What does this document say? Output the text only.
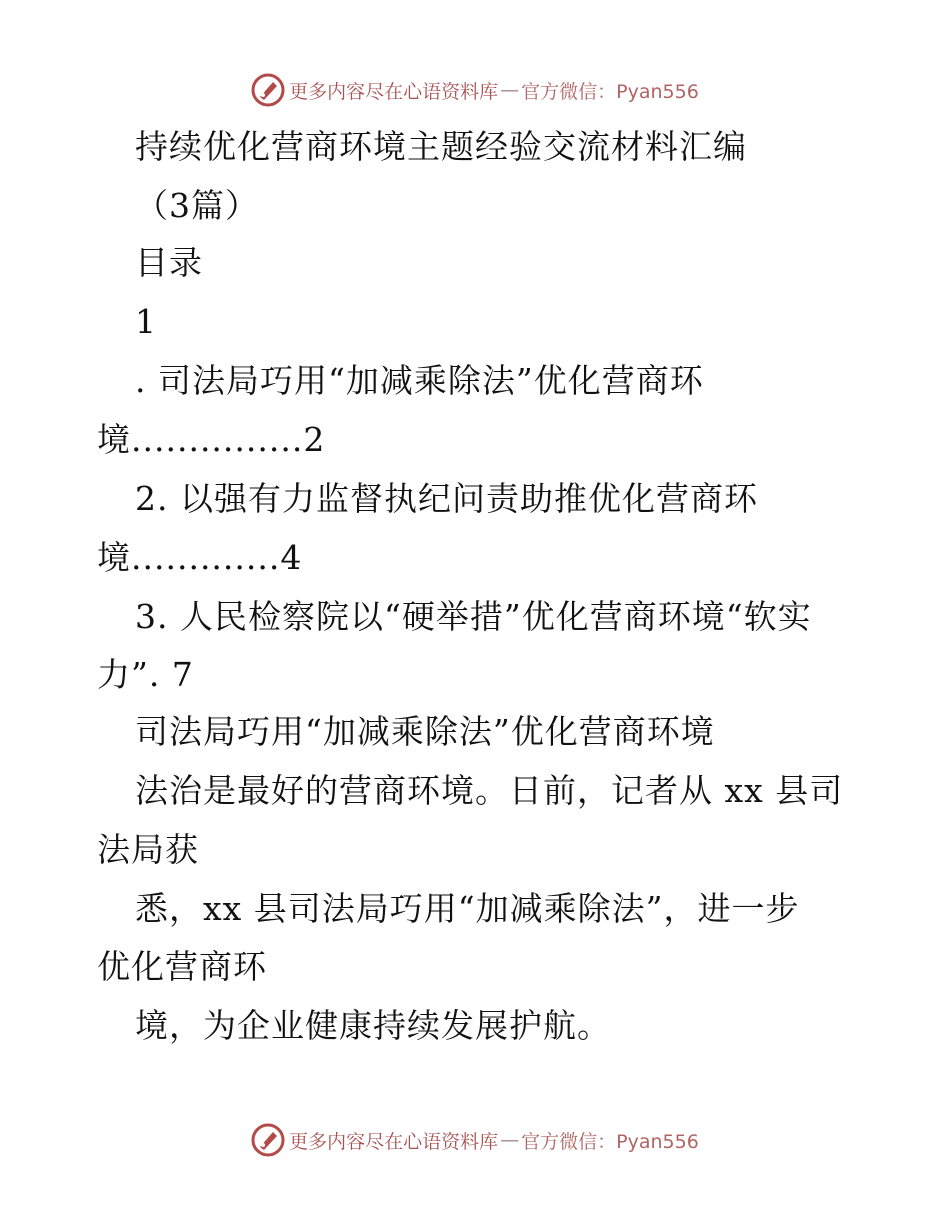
更多内容尽在心语资料库 — 官方微信：Pyan556
持续优化营商环境主题经验交流材料汇编
（3篇）
目录
1
. 司法局巧用“加减乘除法”优化营商环
境...............2
2. 以强有力监督执纪问责助推优化营商环
境.............4
3. 人民检察院以“硬举措”优化营商环境“软实
力”. 7
司法局巧用“加减乘除法”优化营商环境
法治是最好的营商环境。日前，记者从 xx 县司
法局获
悉，xx 县司法局巧用“加减乘除法”，进一步
优化营商环
境，为企业健康持续发展护航。
更多内容尽在心语资料库 — 官方微信：Pyan556
